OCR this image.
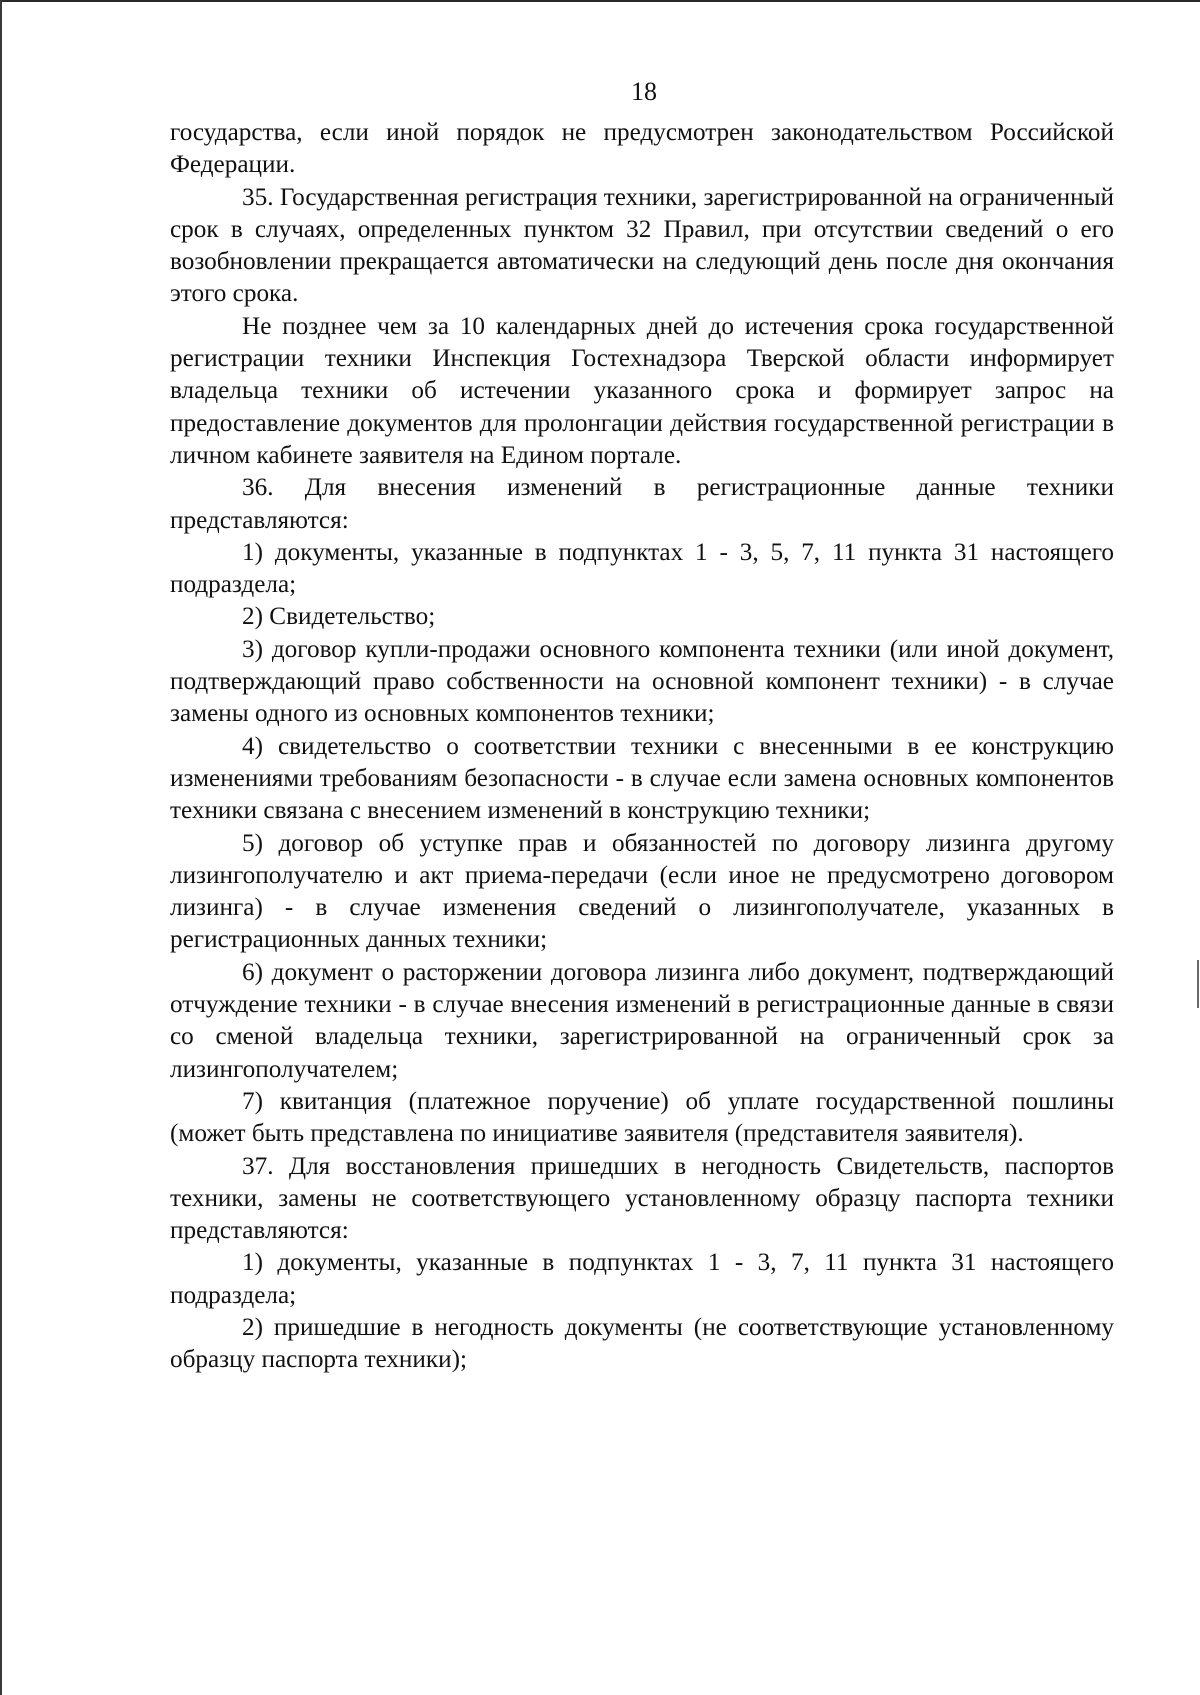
18

государства, если иной порядок не предусмотрен законодательством Российской Федерации.

35. Государственная регистрация техники, зарегистрированной на ограниченный срок в случаях, определенных пунктом 32 Правил, при отсутствии сведений о его возобновлении прекращается автоматически на следующий день после дня окончания этого срока.

Не позднее чем за 10 календарных дней до истечения срока государственной регистрации техники Инспекция Гостехнадзора Тверской области информирует владельца техники об истечении указанного срока и формирует запрос на предоставление документов для пролонгации действия государственной регистрации в личном кабинете заявителя на Едином портале.

36. Для внесения изменений в регистрационные данные техники представляются:

1) документы, указанные в подпунктах 1 - 3, 5, 7, 11 пункта 31 настоящего подраздела;

2) Свидетельство;

3) договор купли-продажи основного компонента техники (или иной документ, подтверждающий право собственности на основной компонент техники) - в случае замены одного из основных компонентов техники;

4) свидетельство о соответствии техники с внесенными в ее конструкцию изменениями требованиям безопасности - в случае если замена основных компонентов техники связана с внесением изменений в конструкцию техники;

5) договор об уступке прав и обязанностей по договору лизинга другому лизингополучателю и акт приема-передачи (если иное не предусмотрено договором лизинга) - в случае изменения сведений о лизингополучателе, указанных в регистрационных данных техники;

6) документ о расторжении договора лизинга либо документ, подтверждающий отчуждение техники - в случае внесения изменений в регистрационные данные в связи со сменой владельца техники, зарегистрированной на ограниченный срок за лизингополучателем;

7) квитанция (платежное поручение) об уплате государственной пошлины (может быть представлена по инициативе заявителя (представителя заявителя).

37. Для восстановления пришедших в негодность Свидетельств, паспортов техники, замены не соответствующего установленному образцу паспорта техники представляются:

1) документы, указанные в подпунктах 1 - 3, 7, 11 пункта 31 настоящего подраздела;

2) пришедшие в негодность документы (не соответствующие установленному образцу паспорта техники);
